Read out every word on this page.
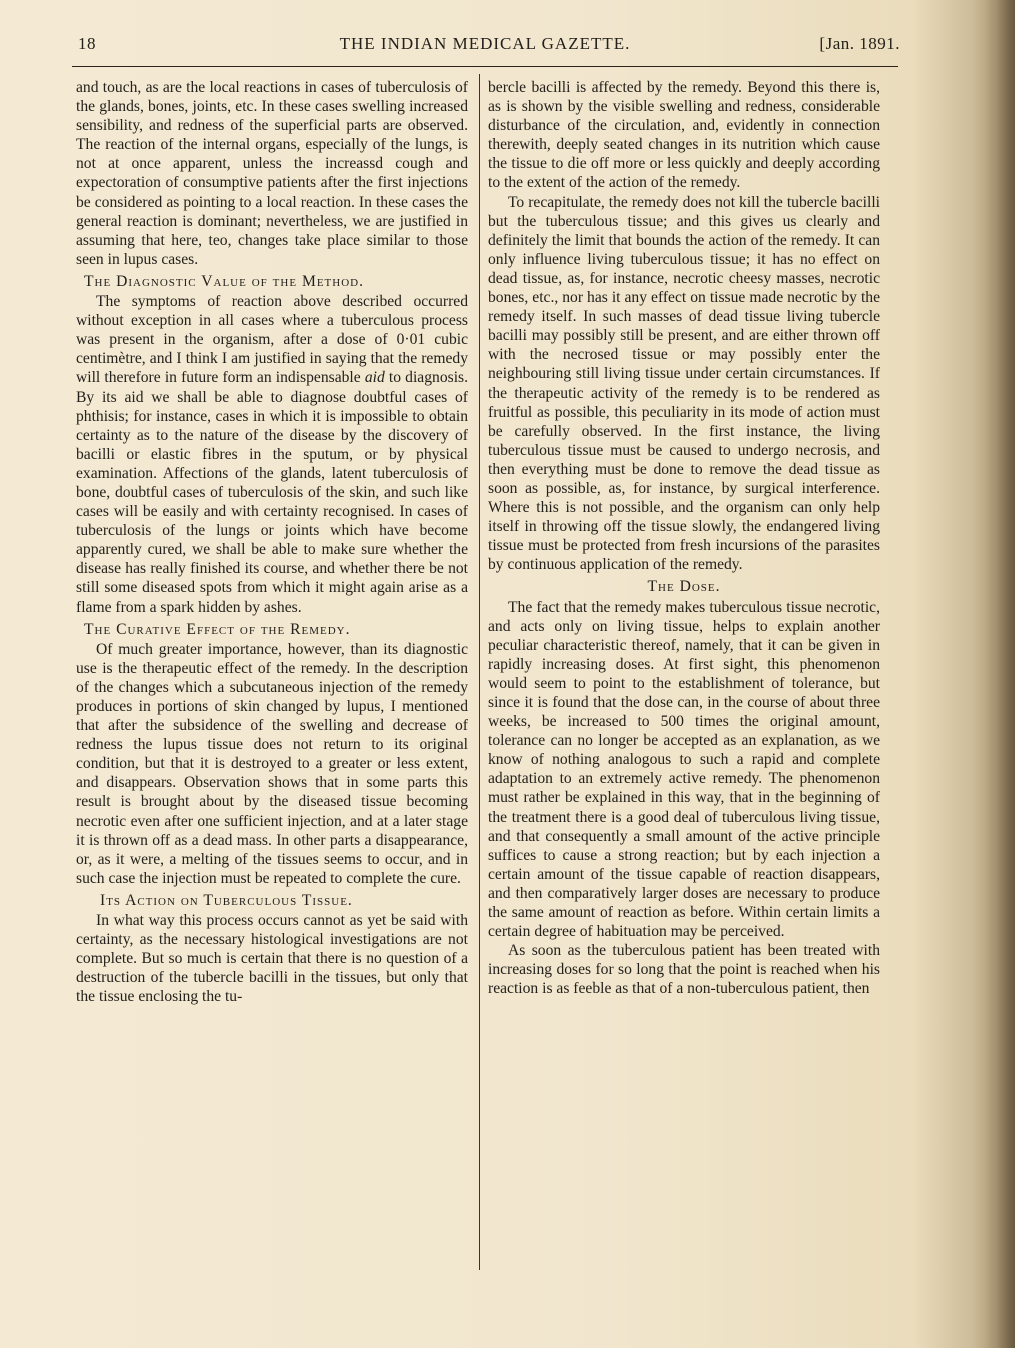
THE INDIAN MEDICAL GAZETTE.
18	[Jan. 1891.

and touch, as are the local reactions in cases of tuberculosis of the glands, bones, joints, etc. In these cases swelling increased sensibility, and redness of the superficial parts are observed. The reaction of the internal organs, especially of the lungs, is not at once apparent, unless the increassd cough and expectoration of consumptive patients after the first injections be considered as pointing to a local reaction. In these cases the general reaction is dominant; nevertheless, we are justified in assuming that here, teo, changes take place similar to those seen in lupus cases.

The Diagnostic Value of the Method.

The symptoms of reaction above described occurred without exception in all cases where a tuberculous process was present in the organism, after a dose of 0·01 cubic centimètre, and I think I am justified in saying that the remedy will therefore in future form an indispensable aid to diagnosis. By its aid we shall be able to diagnose doubtful cases of phthisis; for instance, cases in which it is impossible to obtain certainty as to the nature of the disease by the discovery of bacilli or elastic fibres in the sputum, or by physical examination. Affections of the glands, latent tuberculosis of bone, doubtful cases of tuberculosis of the skin, and such like cases will be easily and with certainty recognised. In cases of tuberculosis of the lungs or joints which have become apparently cured, we shall be able to make sure whether the disease has really finished its course, and whether there be not still some diseased spots from which it might again arise as a flame from a spark hidden by ashes.

The Curative Effect of the Remedy.

Of much greater importance, however, than its diagnostic use is the therapeutic effect of the remedy. In the description of the changes which a subcutaneous injection of the remedy produces in portions of skin changed by lupus, I mentioned that after the subsidence of the swelling and decrease of redness the lupus tissue does not return to its original condition, but that it is destroyed to a greater or less extent, and disappears. Observation shows that in some parts this result is brought about by the diseased tissue becoming necrotic even after one sufficient injection, and at a later stage it is thrown off as a dead mass. In other parts a disappearance, or, as it were, a melting of the tissues seems to occur, and in such case the injection must be repeated to complete the cure.

Its Action on Tuberculous Tissue.

In what way this process occurs cannot as yet be said with certainty, as the necessary histological investigations are not complete. But so much is certain that there is no question of a destruction of the tubercle bacilli in the tissues, but only that the tissue enclosing the tu-

bercle bacilli is affected by the remedy. Beyond this there is, as is shown by the visible swelling and redness, considerable disturbance of the circulation, and, evidently in connection therewith, deeply seated changes in its nutrition which cause the tissue to die off more or less quickly and deeply according to the extent of the action of the remedy.

To recapitulate, the remedy does not kill the tubercle bacilli but the tuberculous tissue; and this gives us clearly and definitely the limit that bounds the action of the remedy. It can only influence living tuberculous tissue; it has no effect on dead tissue, as, for instance, necrotic cheesy masses, necrotic bones, etc., nor has it any effect on tissue made necrotic by the remedy itself. In such masses of dead tissue living tubercle bacilli may possibly still be present, and are either thrown off with the necrosed tissue or may possibly enter the neighbouring still living tissue under certain circumstances. If the therapeutic activity of the remedy is to be rendered as fruitful as possible, this peculiarity in its mode of action must be carefully observed. In the first instance, the living tuberculous tissue must be caused to undergo necrosis, and then everything must be done to remove the dead tissue as soon as possible, as, for instance, by surgical interference. Where this is not possible, and the organism can only help itself in throwing off the tissue slowly, the endangered living tissue must be protected from fresh incursions of the parasites by continuous application of the remedy.

The Dose.

The fact that the remedy makes tuberculous tissue necrotic, and acts only on living tissue, helps to explain another peculiar characteristic thereof, namely, that it can be given in rapidly increasing doses. At first sight, this phenomenon would seem to point to the establishment of tolerance, but since it is found that the dose can, in the course of about three weeks, be increased to 500 times the original amount, tolerance can no longer be accepted as an explanation, as we know of nothing analogous to such a rapid and complete adaptation to an extremely active remedy. The phenomenon must rather be explained in this way, that in the beginning of the treatment there is a good deal of tuberculous living tissue, and that consequently a small amount of the active principle suffices to cause a strong reaction; but by each injection a certain amount of the tissue capable of reaction disappears, and then comparatively larger doses are necessary to produce the same amount of reaction as before. Within certain limits a certain degree of habituation may be perceived.

As soon as the tuberculous patient has been treated with increasing doses for so long that the point is reached when his reaction is as feeble as that of a non-tuberculous patient, then
